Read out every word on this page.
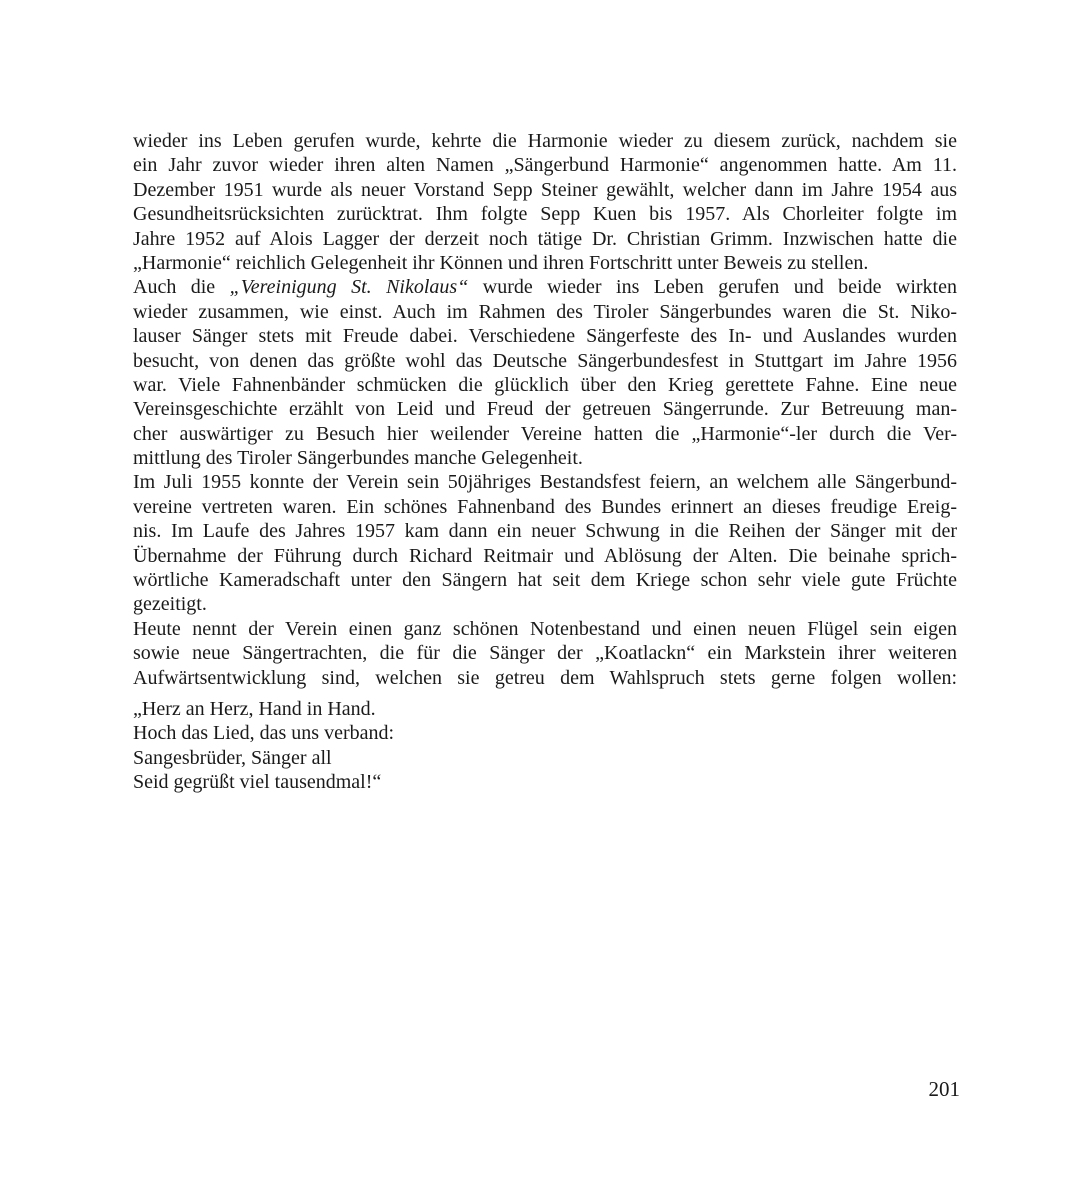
wieder ins Leben gerufen wurde, kehrte die Harmonie wieder zu diesem zurück, nachdem sie
ein Jahr zuvor wieder ihren alten Namen „Sängerbund Harmonie“ angenommen hatte. Am 11.
Dezember 1951 wurde als neuer Vorstand Sepp Steiner gewählt, welcher dann im Jahre 1954 aus
Gesundheitsrücksichten zurücktrat. Ihm folgte Sepp Kuen bis 1957. Als Chorleiter folgte im
Jahre 1952 auf Alois Lagger der derzeit noch tätige Dr. Christian Grimm. Inzwischen hatte die
„Harmonie“ reichlich Gelegenheit ihr Können und ihren Fortschritt unter Beweis zu stellen.
Auch die „Vereinigung St. Nikolaus“ wurde wieder ins Leben gerufen und beide wirkten
wieder zusammen, wie einst. Auch im Rahmen des Tiroler Sängerbundes waren die St. Niko-
lauser Sänger stets mit Freude dabei. Verschiedene Sängerfeste des In- und Auslandes wurden
besucht, von denen das größte wohl das Deutsche Sängerbundesfest in Stuttgart im Jahre 1956
war. Viele Fahnenbänder schmücken die glücklich über den Krieg gerettete Fahne. Eine neue
Vereinsgeschichte erzählt von Leid und Freud der getreuen Sängerrunde. Zur Betreuung man-
cher auswärtiger zu Besuch hier weilender Vereine hatten die „Harmonie“-ler durch die Ver-
mittlung des Tiroler Sängerbundes manche Gelegenheit.
Im Juli 1955 konnte der Verein sein 50jähriges Bestandsfest feiern, an welchem alle Sängerbund-
vereine vertreten waren. Ein schönes Fahnenband des Bundes erinnert an dieses freudige Ereig-
nis. Im Laufe des Jahres 1957 kam dann ein neuer Schwung in die Reihen der Sänger mit der
Übernahme der Führung durch Richard Reitmair und Ablösung der Alten. Die beinahe sprich-
wörtliche Kameradschaft unter den Sängern hat seit dem Kriege schon sehr viele gute Früchte
gezeitigt.
Heute nennt der Verein einen ganz schönen Notenbestand und einen neuen Flügel sein eigen
sowie neue Sängertrachten, die für die Sänger der „Koatlackn“ ein Markstein ihrer weiteren
Aufwärtsentwicklung sind, welchen sie getreu dem Wahlspruch stets gerne folgen wollen:
„Herz an Herz, Hand in Hand.
Hoch das Lied, das uns verband:
Sangesbrüder, Sänger all
Seid gegrüßt viel tausendmal!“
201
